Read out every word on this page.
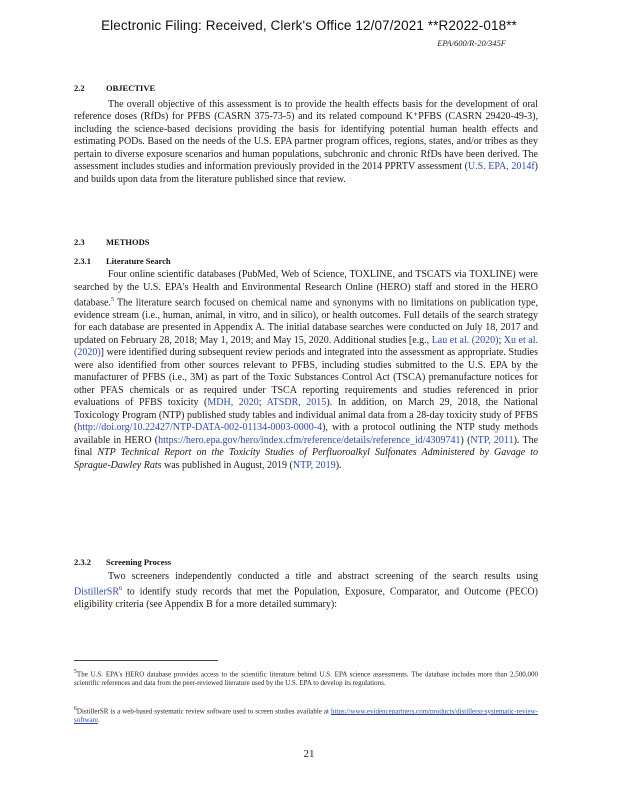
Electronic Filing: Received, Clerk's Office 12/07/2021 **R2022-018**
EPA/600/R-20/345F
2.2	OBJECTIVE

The overall objective of this assessment is to provide the health effects basis for the development of oral reference doses (RfDs) for PFBS (CASRN 375-73-5) and its related compound K⁺PFBS (CASRN 29420-49-3), including the science-based decisions providing the basis for identifying potential human health effects and estimating PODs. Based on the needs of the U.S. EPA partner program offices, regions, states, and/or tribes as they pertain to diverse exposure scenarios and human populations, subchronic and chronic RfDs have been derived. The assessment includes studies and information previously provided in the 2014 PPRTV assessment (U.S. EPA, 2014f) and builds upon data from the literature published since that review.

2.3	METHODS
2.3.1 Literature Search

Four online scientific databases (PubMed, Web of Science, TOXLINE, and TSCATS via TOXLINE) were searched by the U.S. EPA's Health and Environmental Research Online (HERO) staff and stored in the HERO database.$^5$ The literature search focused on chemical name and synonyms with no limitations on publication type, evidence stream (i.e., human, animal, in vitro, and in silico), or health outcomes. Full details of the search strategy for each database are presented in Appendix A. The initial database searches were conducted on July 18, 2017 and updated on February 28, 2018; May 1, 2019; and May 15, 2020. Additional studies [e.g., Lau et al. (2020); Xu et al. (2020)] were identified during subsequent review periods and integrated into the assessment as appropriate. Studies were also identified from other sources relevant to PFBS, including studies submitted to the U.S. EPA by the manufacturer of PFBS (i.e., 3M) as part of the Toxic Substances Control Act (TSCA) premanufacture notices for other PFAS chemicals or as required under TSCA reporting requirements and studies referenced in prior evaluations of PFBS toxicity (MDH, 2020; ATSDR, 2015). In addition, on March 29, 2018, the National Toxicology Program (NTP) published study tables and individual animal data from a 28-day toxicity study of PFBS (http://doi.org/10.22427/NTP-DATA-002-01134-0003-0000-4), with a protocol outlining the NTP study methods available in HERO (https://hero.epa.gov/hero/index.cfm/reference/details/reference_id/4309741) (NTP, 2011). The final NTP Technical Report on the Toxicity Studies of Perfluoroalkyl Sulfonates Administered by Gavage to Sprague-Dawley Rats was published in August, 2019 (NTP, 2019).

2.3.2 Screening Process

Two screeners independently conducted a title and abstract screening of the search results using DistillerSR$^6$ to identify study records that met the Population, Exposure, Comparator, and Outcome (PECO) eligibility criteria (see Appendix B for a more detailed summary):

$^5$The U.S. EPA's HERO database provides access to the scientific literature behind U.S. EPA science assessments. The database includes more than 2,500,000 scientific references and data from the peer-reviewed literature used by the U.S. EPA to develop its regulations.
$^6$DistillerSR is a web-based systematic review software used to screen studies available at https://www.evidencepartners.com/products/distillersr-systematic-review-software.
21
